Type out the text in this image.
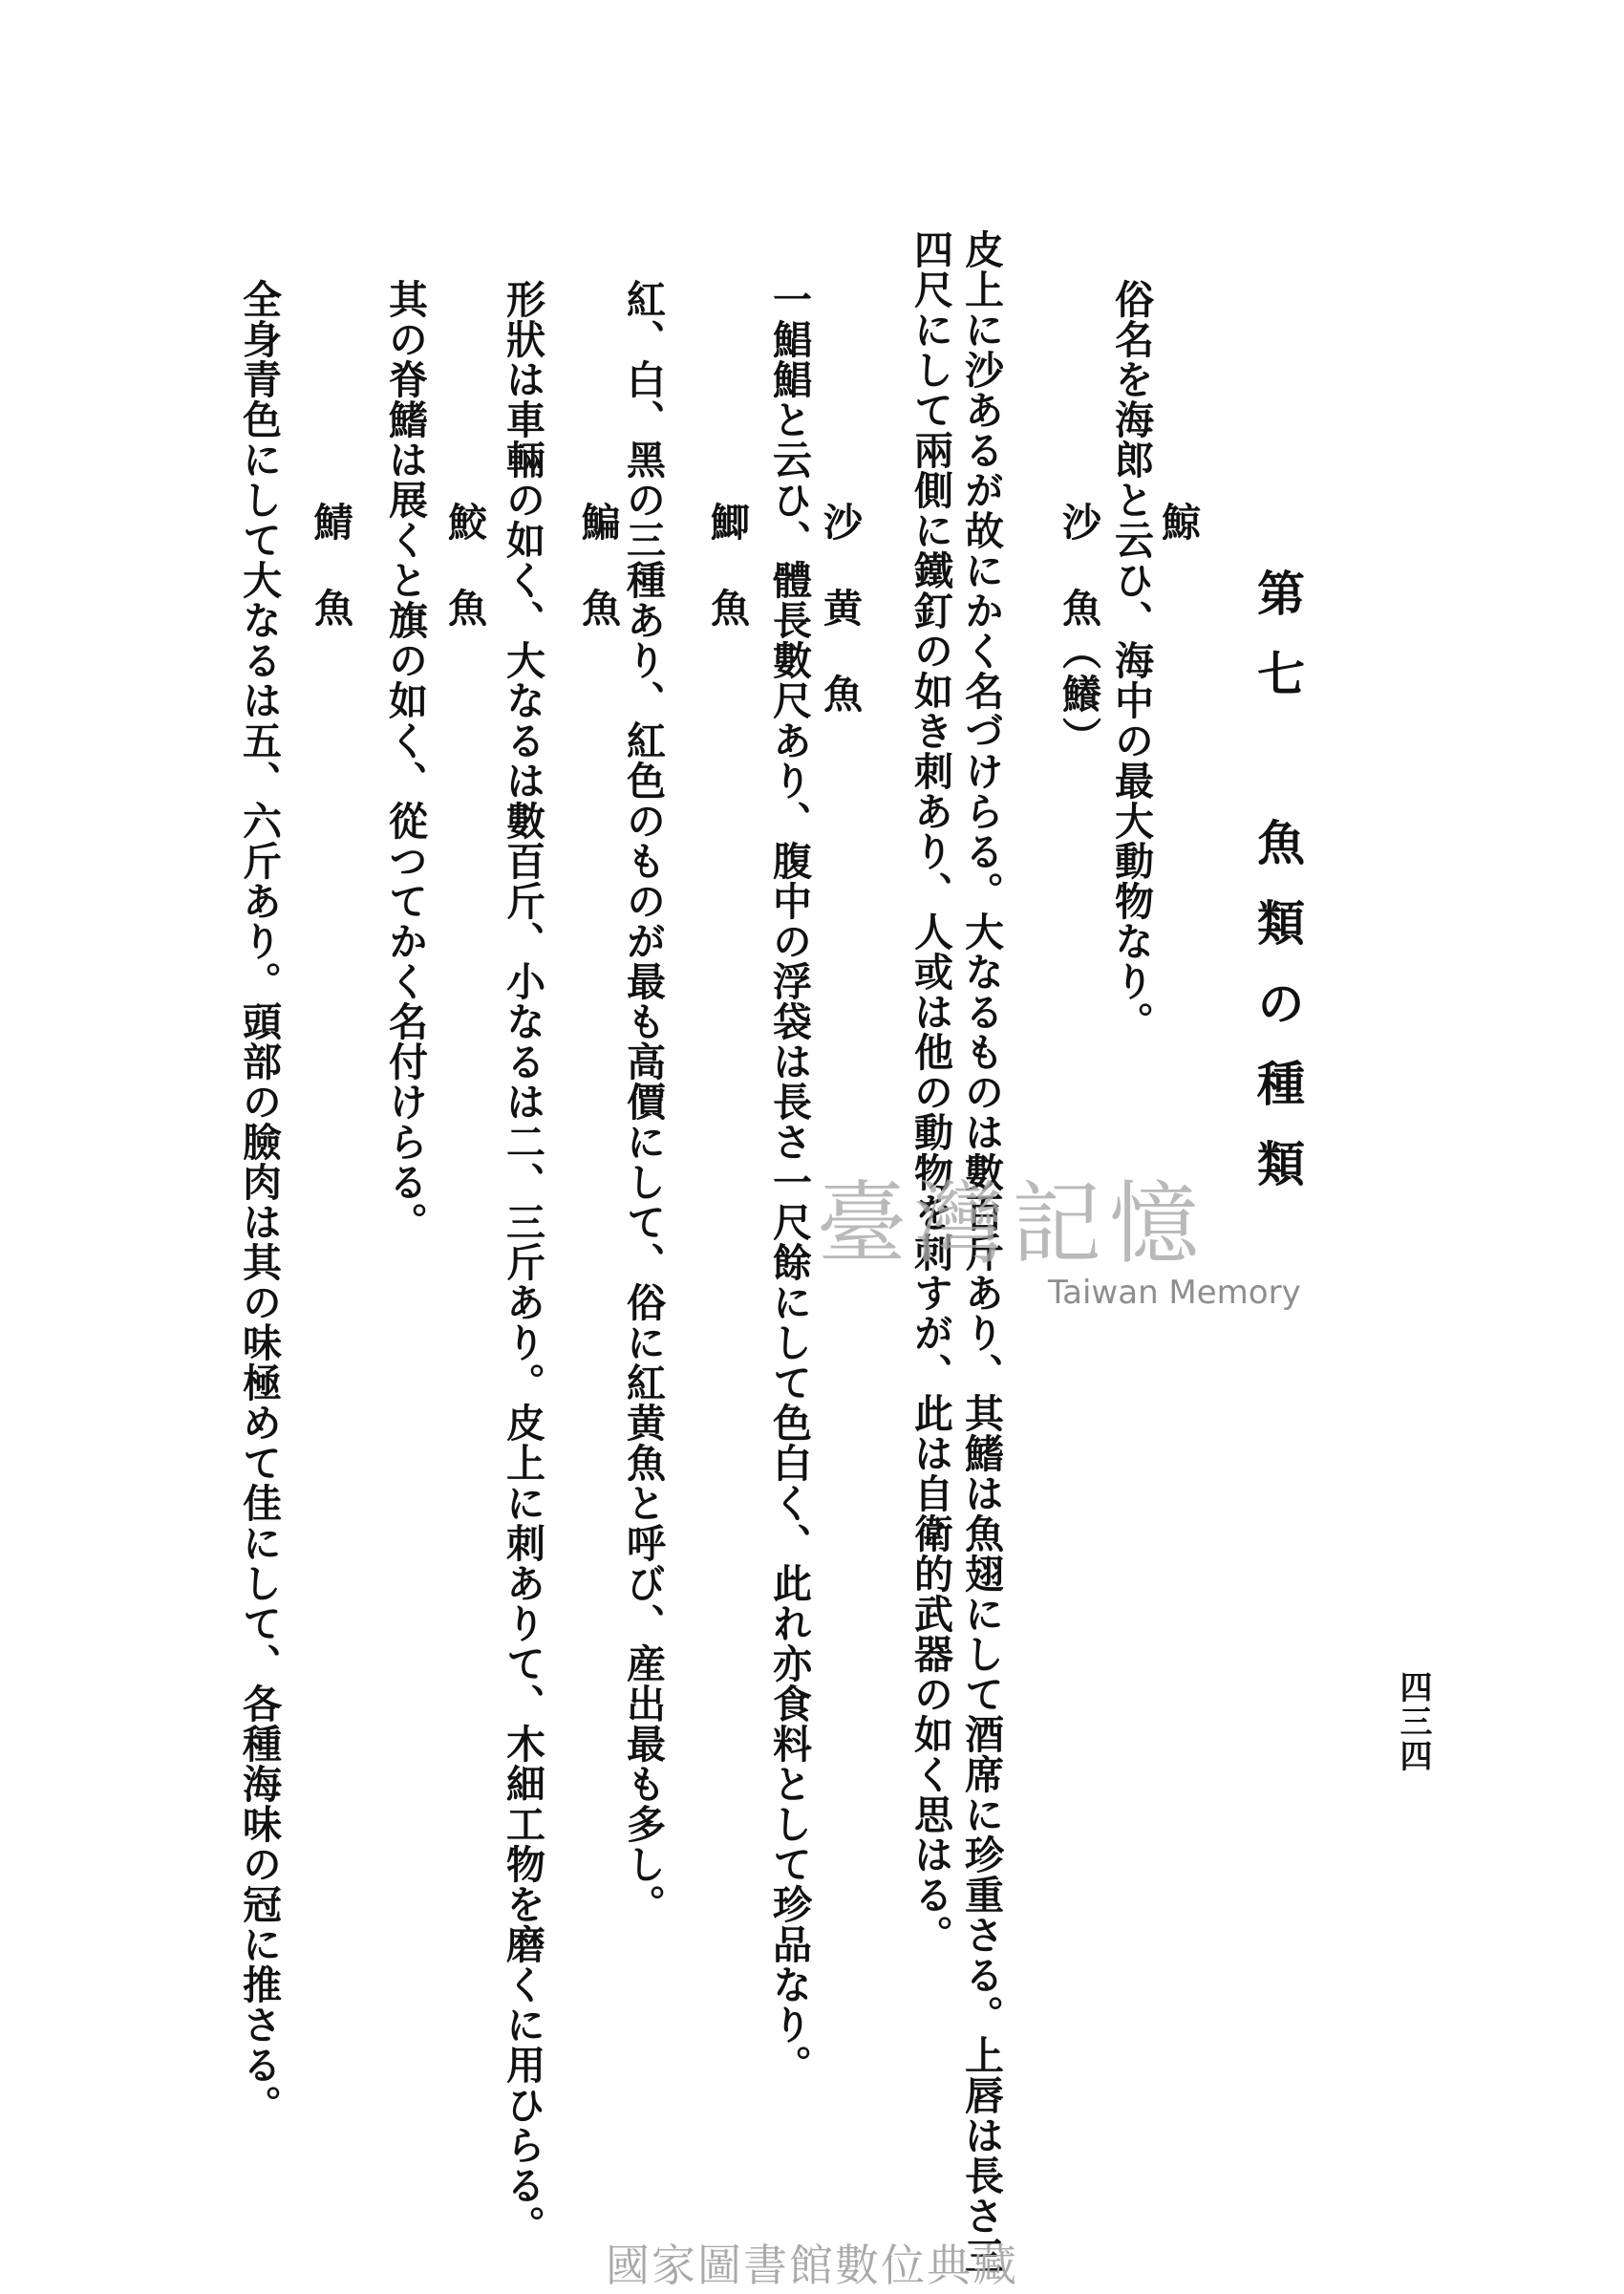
四三四
第七 魚類の種類
鯨
俗名を海郎と云ひ、海中の最大動物なり。
沙　魚（鱶）
皮上に沙あるが故にかく名づけらる。大なるものは數百斤あり、其鰭は魚翅にして酒席に珍重さる。上唇は長さ三
四尺にして兩側に鐵釘の如き刺あり、人或は他の動物を刺すが、此は自衛的武器の如く思はる。
沙　黄　魚
一鯧鯧と云ひ、體長數尺あり、腹中の浮袋は長さ一尺餘にして色白く、此れ亦食料として珍品なり。
鯽　魚
紅、白、黑の三種あり、紅色のものが最も高價にして、俗に紅黄魚と呼び、産出最も多し。
鯿　魚
形狀は車輛の如く、大なるは數百斤、小なるは二、三斤あり。皮上に刺ありて、木細工物を磨くに用ひらる。
鮫　魚
其の脊鰭は展くと旗の如く、從つてかく名付けらる。
鯖　魚
全身青色にして大なるは五、六斤あり。頭部の臉肉は其の味極めて佳にして、各種海味の冠に推さる。	臺灣記憶
Taiwan Memory
國家圖書館數位典藏
